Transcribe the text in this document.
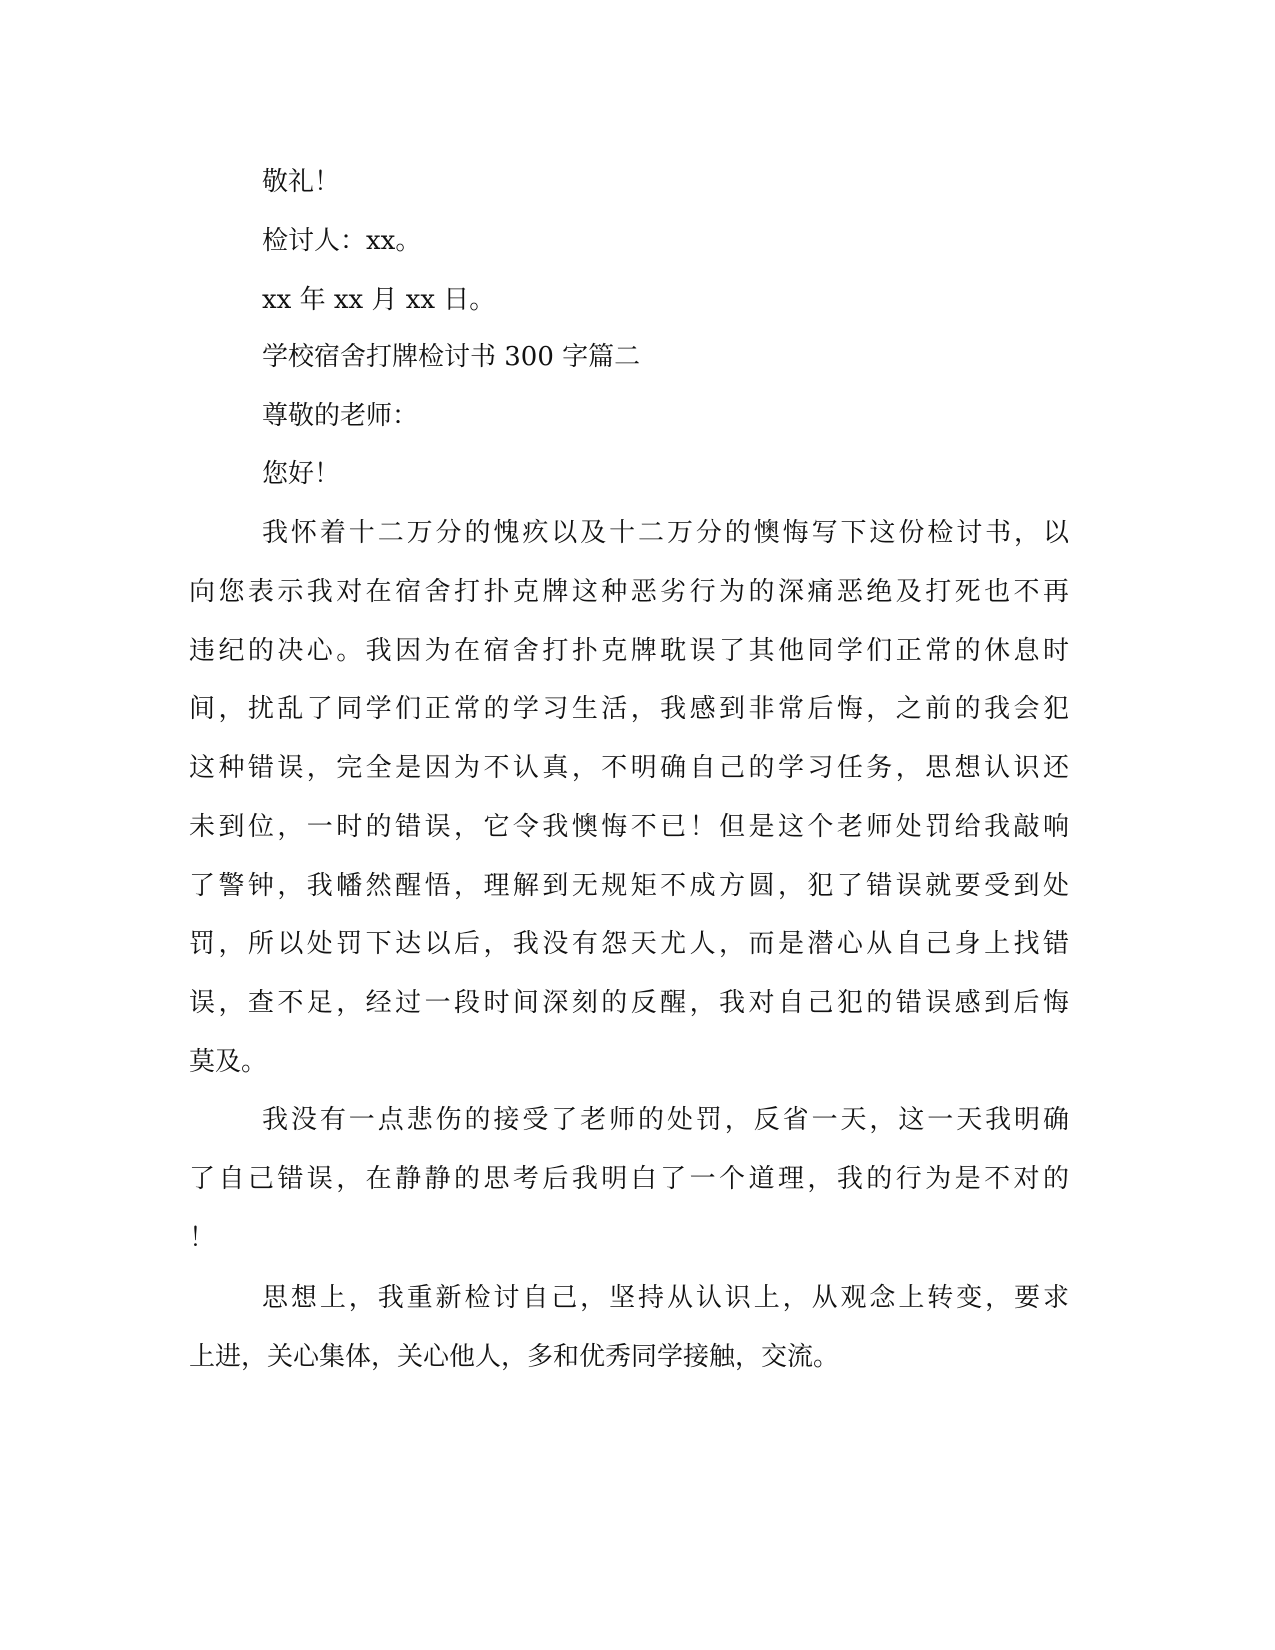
敬礼！
检讨人：xx。
xx 年 xx 月 xx 日。
学校宿舍打牌检讨书 300 字篇二
尊敬的老师：
您好！
我怀着十二万分的愧疚以及十二万分的懊悔写下这份检讨书，以
向您表示我对在宿舍打扑克牌这种恶劣行为的深痛恶绝及打死也不再
违纪的决心。我因为在宿舍打扑克牌耽误了其他同学们正常的休息时
间，扰乱了同学们正常的学习生活，我感到非常后悔，之前的我会犯
这种错误，完全是因为不认真，不明确自己的学习任务，思想认识还
未到位，一时的错误，它令我懊悔不已！但是这个老师处罚给我敲响
了警钟，我幡然醒悟，理解到无规矩不成方圆，犯了错误就要受到处
罚，所以处罚下达以后，我没有怨天尤人，而是潜心从自己身上找错
误，查不足，经过一段时间深刻的反醒，我对自己犯的错误感到后悔
莫及。
我没有一点悲伤的接受了老师的处罚，反省一天，这一天我明确
了自己错误，在静静的思考后我明白了一个道理，我的行为是不对的
！
思想上，我重新检讨自己，坚持从认识上，从观念上转变，要求
上进，关心集体，关心他人，多和优秀同学接触，交流。
